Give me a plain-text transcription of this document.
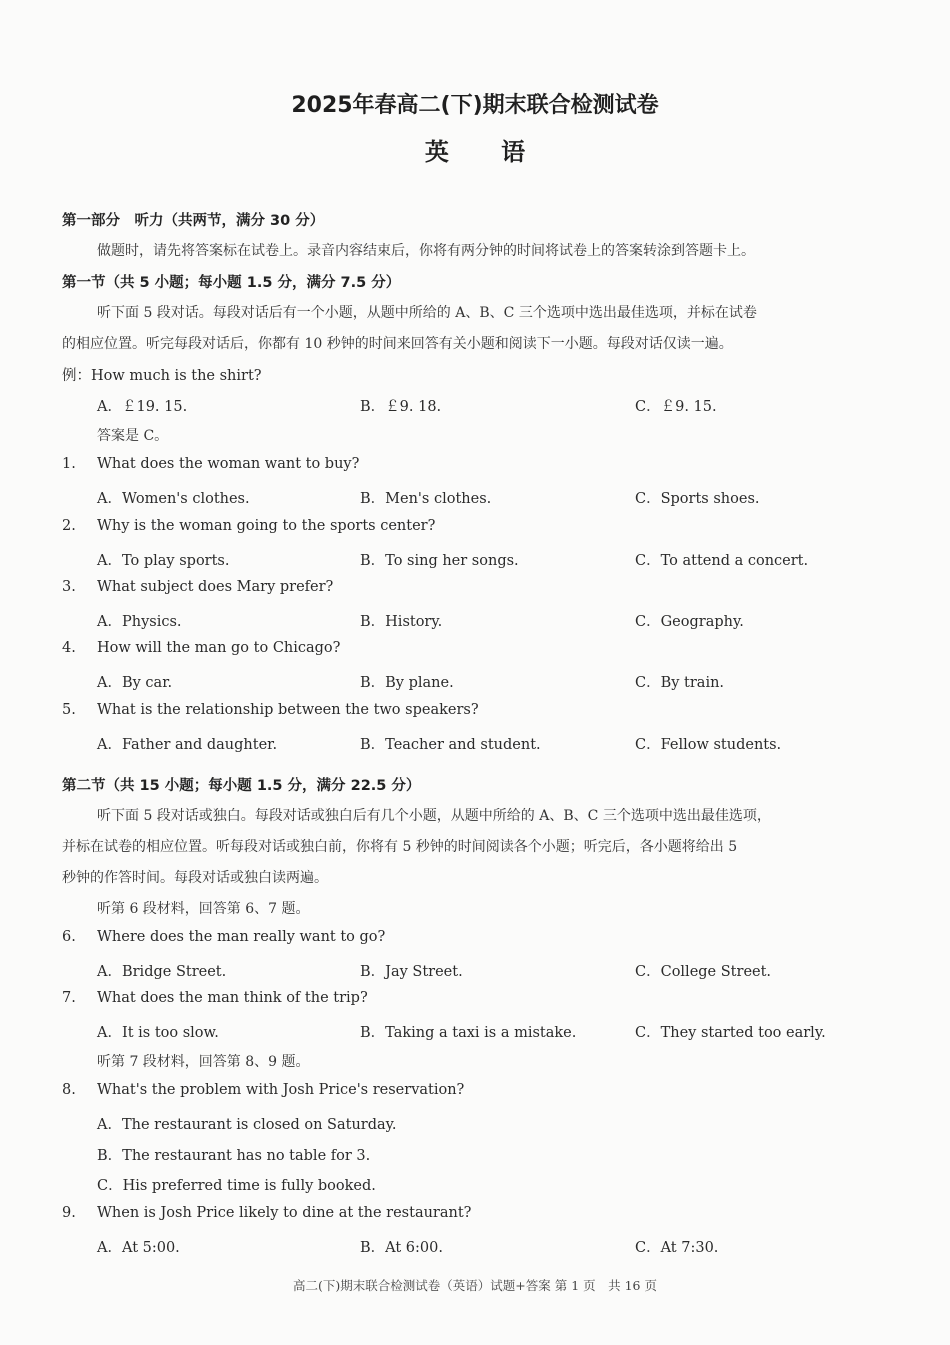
2025年春高二(下)期末联合检测试卷
英 语
第一部分　听力（共两节，满分 30 分）
做题时，请先将答案标在试卷上。录音内容结束后，你将有两分钟的时间将试卷上的答案转涂到答题卡上。
第一节（共 5 小题；每小题 1.5 分，满分 7.5 分）
听下面 5 段对话。每段对话后有一个小题，从题中所给的 A、B、C 三个选项中选出最佳选项，并标在试卷
的相应位置。听完每段对话后，你都有 10 秒钟的时间来回答有关小题和阅读下一小题。每段对话仅读一遍。
例：How much is the shirt?
A．￡19. 15.	B．￡9. 18.	C．￡9. 15.
答案是 C。
1. What does the woman want to buy?
A．Women's clothes.	B．Men's clothes.	C．Sports shoes.
2. Why is the woman going to the sports center?
A．To play sports.	B．To sing her songs.	C．To attend a concert.
3. What subject does Mary prefer?
A．Physics.	B．History.	C．Geography.
4. How will the man go to Chicago?
A．By car.	B．By plane.	C．By train.
5. What is the relationship between the two speakers?
A．Father and daughter.	B．Teacher and student.	C．Fellow students.
第二节（共 15 小题；每小题 1.5 分，满分 22.5 分）
听下面 5 段对话或独白。每段对话或独白后有几个小题，从题中所给的 A、B、C 三个选项中选出最佳选项，
并标在试卷的相应位置。听每段对话或独白前，你将有 5 秒钟的时间阅读各个小题；听完后，各小题将给出 5
秒钟的作答时间。每段对话或独白读两遍。
听第 6 段材料，回答第 6、7 题。
6. Where does the man really want to go?
A．Bridge Street.	B．Jay Street.	C．College Street.
7. What does the man think of the trip?
A．It is too slow.	B．Taking a taxi is a mistake.	C．They started too early.
听第 7 段材料，回答第 8、9 题。
8. What's the problem with Josh Price's reservation?
A．The restaurant is closed on Saturday.
B．The restaurant has no table for 3.
C．His preferred time is fully booked.
9. When is Josh Price likely to dine at the restaurant?
A．At 5:00.	B．At 6:00.	C．At 7:30.
高二(下)期末联合检测试卷（英语）试题+答案 第 1 页　共 16 页
